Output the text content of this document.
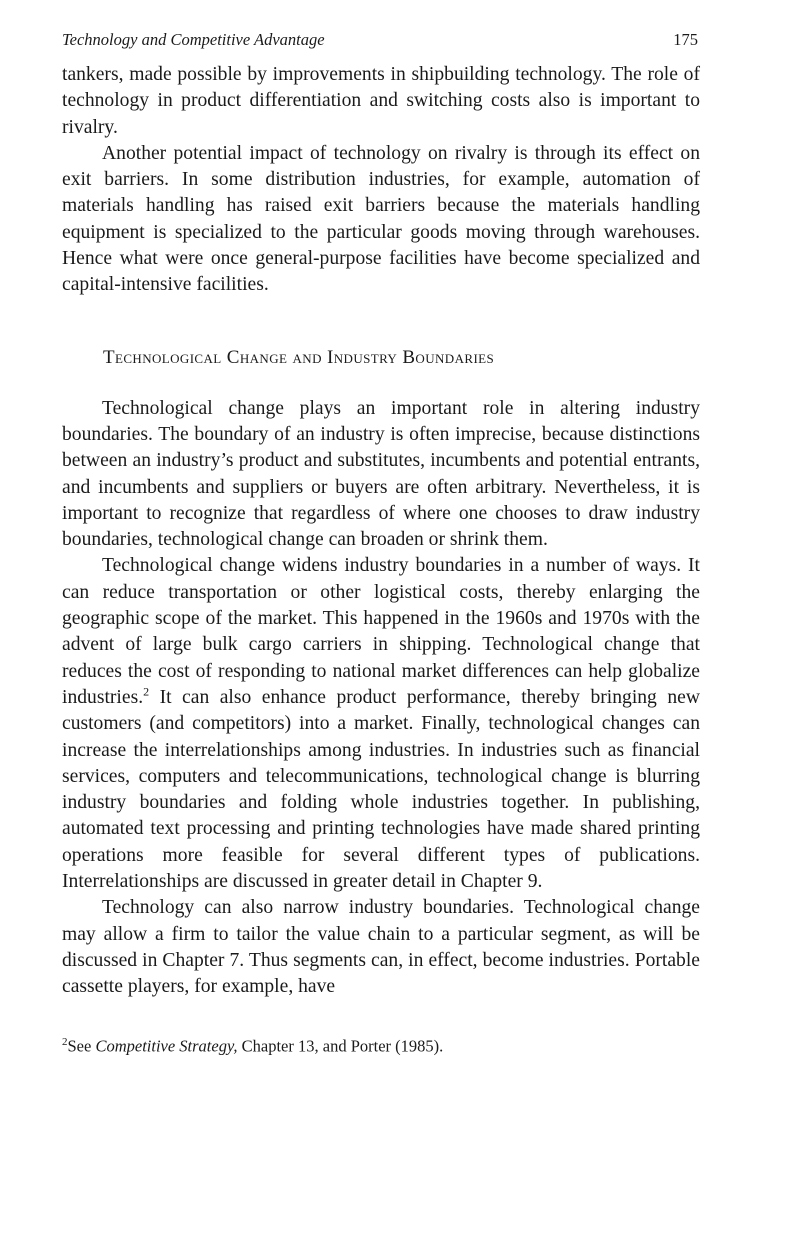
Technology and Competitive Advantage	175

tankers, made possible by improvements in shipbuilding technology. The role of technology in product differentiation and switching costs also is important to rivalry.

Another potential impact of technology on rivalry is through its effect on exit barriers. In some distribution industries, for example, automation of materials handling has raised exit barriers because the materials handling equipment is specialized to the particular goods moving through warehouses. Hence what were once general-purpose facilities have become specialized and capital-intensive facilities.

Technological Change and Industry Boundaries

Technological change plays an important role in altering industry boundaries. The boundary of an industry is often imprecise, because distinctions between an industry’s product and substitutes, incumbents and potential entrants, and incumbents and suppliers or buyers are often arbitrary. Nevertheless, it is important to recognize that regardless of where one chooses to draw industry boundaries, technological change can broaden or shrink them.

Technological change widens industry boundaries in a number of ways. It can reduce transportation or other logistical costs, thereby enlarging the geographic scope of the market. This happened in the 1960s and 1970s with the advent of large bulk cargo carriers in shipping. Technological change that reduces the cost of responding to national market differences can help globalize industries.$^2$ It can also enhance product performance, thereby bringing new customers (and competitors) into a market. Finally, technological changes can increase the interrelationships among industries. In industries such as financial services, computers and telecommunications, technological change is blurring industry boundaries and folding whole industries together. In publishing, automated text processing and printing technologies have made shared printing operations more feasible for several different types of publications. Interrelationships are discussed in greater detail in Chapter 9.

Technology can also narrow industry boundaries. Technological change may allow a firm to tailor the value chain to a particular segment, as will be discussed in Chapter 7. Thus segments can, in effect, become industries. Portable cassette players, for example, have

$^2$See Competitive Strategy, Chapter 13, and Porter (1985).
